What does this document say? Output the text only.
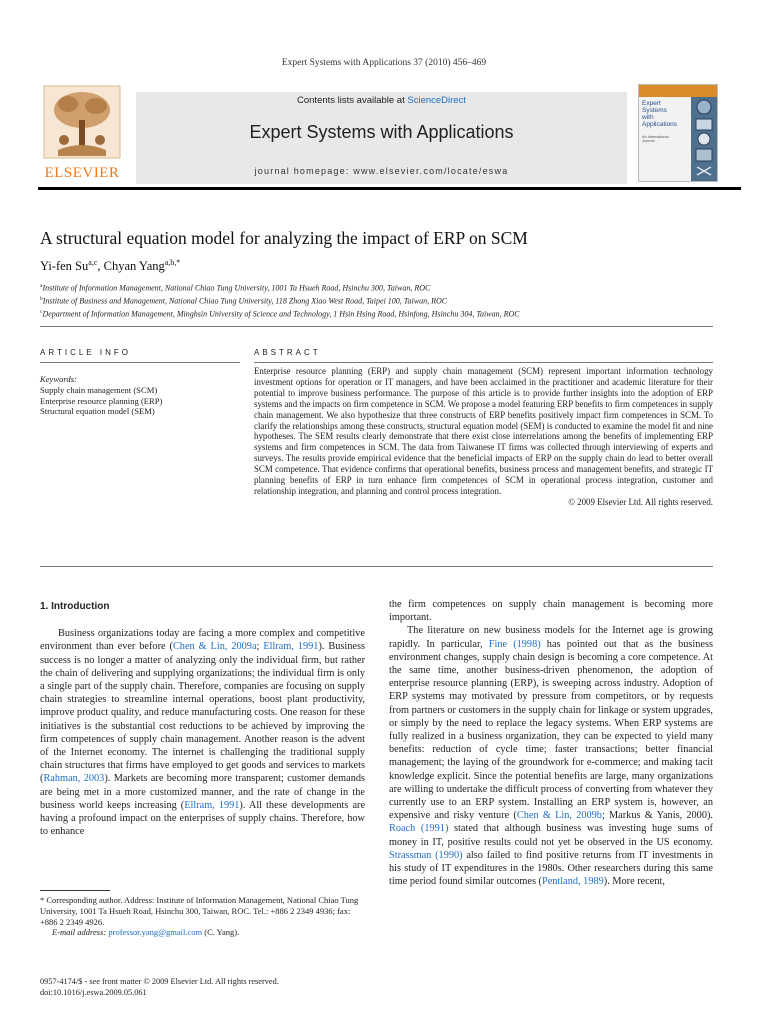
Expert Systems with Applications 37 (2010) 456–469
ELSEVIER
Contents lists available at ScienceDirect
Expert Systems with Applications
journal homepage: www.elsevier.com/locate/eswa
Expert
Systems
with
Applications
An International Journal
A structural equation model for analyzing the impact of ERP on SCM
Yi-fen Su$^{a,c}$, Chyan Yang$^{a,b,*}$
$^a$Institute of Information Management, National Chiao Tung University, 1001 Ta Hsueh Road, Hsinchu 300, Taiwan, ROC
$^b$Institute of Business and Management, National Chiao Tung University, 118 Zhong Xiao West Road, Taipei 100, Taiwan, ROC
$^c$Department of Information Management, Minghsin University of Science and Technology, 1 Hsin Hsing Road, Hsinfong, Hsinchu 304, Taiwan, ROC
ARTICLE INFO	ABSTRACT
Keywords:
Supply chain management (SCM)
Enterprise resource planning (ERP)
Structural equation model (SEM)
Enterprise resource planning (ERP) and supply chain management (SCM) represent important information technology investment options for operation or IT managers, and have been acclaimed in the practitioner and academic literature for their potential to improve business performance. The purpose of this article is to provide further insights into the adoption of ERP systems and the impacts on firm competence in SCM. We propose a model featuring ERP benefits to firm competences in supply chain management. We also hypothesize that three constructs of ERP benefits positively impact firm competences in SCM. To clarify the relationships among these constructs, structural equation model (SEM) is conducted to examine the model fit and nine hypotheses. The SEM results clearly demonstrate that there exist close interrelations among the benefits of implementing ERP systems and firm competences in SCM. The data from Taiwanese IT firms was collected through interviewing of experts and surveys. The results provide empirical evidence that the beneficial impacts of ERP on the supply chain do lead to better overall SCM competence. That evidence confirms that operational benefits, business process and management benefits, and strategic IT planning benefits of ERP in turn enhance firm competences of SCM in operational process integration, customer and relationship integration, and planning and control process integration.
© 2009 Elsevier Ltd. All rights reserved.
1. Introduction
Business organizations today are facing a more complex and competitive environment than ever before (Chen & Lin, 2009a; Ellram, 1991). Business success is no longer a matter of analyzing only the individual firm, but rather the chain of delivering and supplying organizations; the individual firm is only a single part of the supply chain. Therefore, companies are focusing on supply chain strategies to streamline internal operations, boost plant productivity, improve product quality, and reduce manufacturing costs. One reason for these initiatives is the substantial cost reductions to be achieved by improving the firm competences of supply chain management. Another reason is the advent of the Internet economy. The internet is challenging the traditional supply chain structures that firms have employed to get goods and services to markets (Rahman, 2003). Markets are becoming more transparent; customer demands are being met in a more customized manner, and the rate of change in the business world keeps increasing (Ellram, 1991). All these developments are having a profound impact on the enterprises of supply chains. Therefore, how to enhance
the firm competences on supply chain management is becoming more important.
The literature on new business models for the Internet age is growing rapidly. In particular, Fine (1998) has pointed out that as the business environment changes, supply chain design is becoming a core competence. At the same time, another business-driven phenomenon, the adoption of enterprise resource planning (ERP), is sweeping across industry. Adoption of ERP systems may motivated by pressure from competitors, or by requests from partners or customers in the supply chain for linkage or system upgrades, or simply by the need to replace the legacy systems. When ERP systems are fully realized in a business organization, they can be expected to yield many benefits: reduction of cycle time; faster transactions; better financial management; the laying of the groundwork for e-commerce; and making tacit knowledge explicit. Since the potential benefits are large, many organizations are willing to undertake the difficult process of converting from whatever they currently use to an ERP system. Installing an ERP system is, however, an expensive and risky venture (Chen & Lin, 2009b; Markus & Yanis, 2000). Roach (1991) stated that although business was investing huge sums of money in IT, positive results could not yet be observed in the US economy. Strassman (1990) also failed to find positive returns from IT investments in his study of IT expenditures in the 1980s. Other researchers during this same time period found similar outcomes (Pentland, 1989). More recent,
* Corresponding author. Address: Institute of Information Management, National Chiao Tung University, 1001 Ta Hsueh Road, Hsinchu 300, Taiwan, ROC. Tel.: +886 2 2349 4936; fax: +886 2 2349 4926.
E-mail address: professor.yang@gmail.com (C. Yang).
0957-4174/$ - see front matter © 2009 Elsevier Ltd. All rights reserved.
doi:10.1016/j.eswa.2009.05.061
